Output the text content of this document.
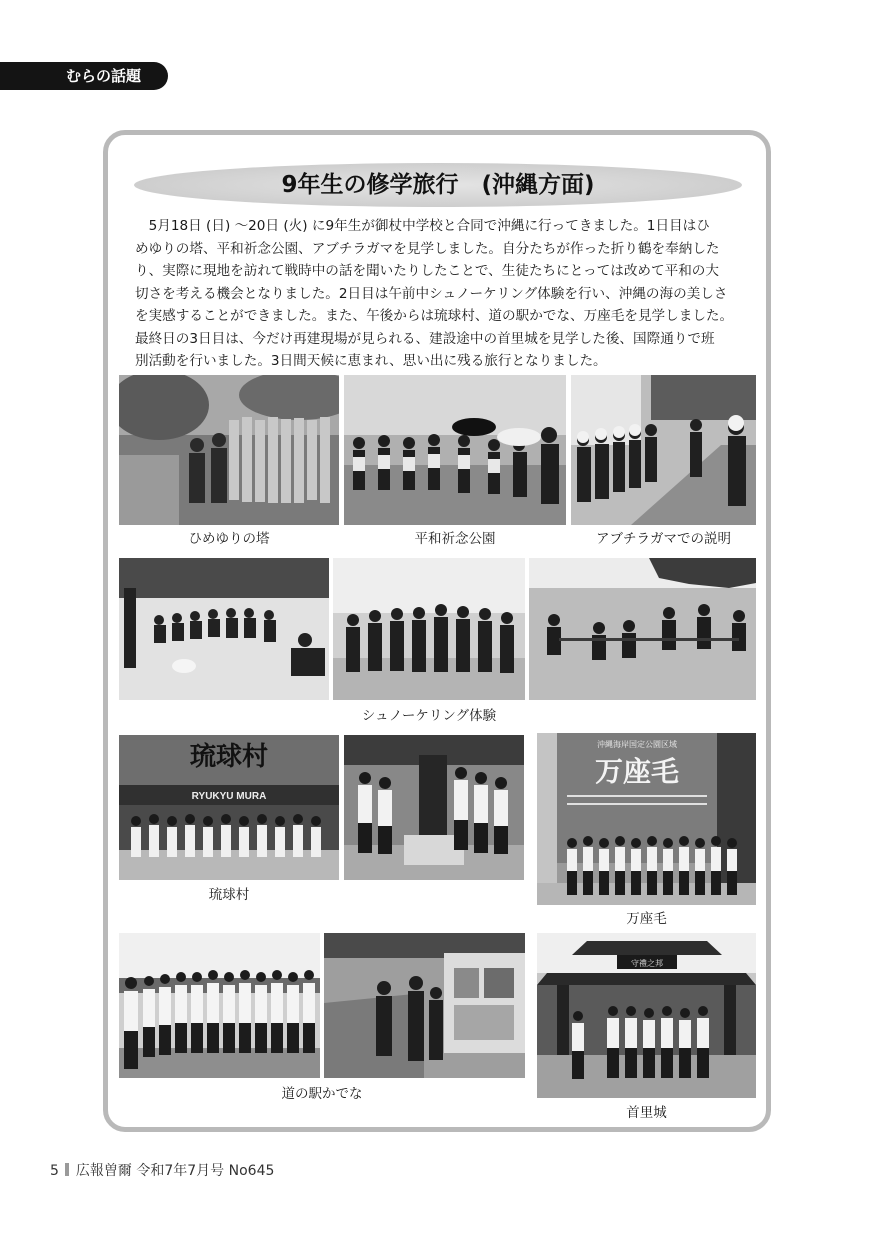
むらの話題
9年生の修学旅行　(沖縄方面)

　5月18日 (日) ～20日 (火) に9年生が御杖中学校と合同で沖縄に行ってきました。1日目はひ
めゆりの塔、平和祈念公園、アブチラガマを見学しました。自分たちが作った折り鶴を奉納した
り、実際に現地を訪れて戦時中の話を聞いたりしたことで、生徒たちにとっては改めて平和の大
切さを考える機会となりました。2日目は午前中シュノーケリング体験を行い、沖縄の海の美しさ
を実感することができました。また、午後からは琉球村、道の駅かでな、万座毛を見学しました。
最終日の3日目は、今だけ再建現場が見られる、建設途中の首里城を見学した後、国際通りで班
別活動を行いました。3日間天候に恵まれ、思い出に残る旅行となりました。

ひめゆりの塔	平和祈念公園	アブチラガマでの説明
シュノーケリング体験
琉球村
RYUKYU MURA
琉球村
沖縄海岸国定公園区域
万座毛
万座毛
道の駅かでな
守禮之邦
首里城
5 広報曽爾 令和7年7月号 No645
